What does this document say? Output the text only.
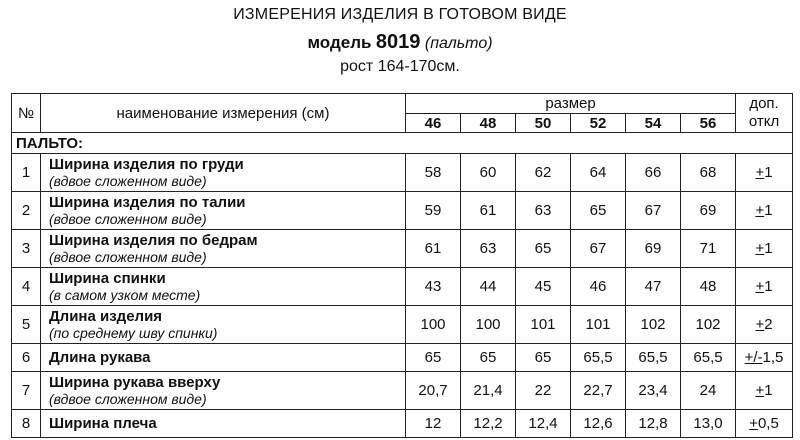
ИЗМЕРЕНИЯ ИЗДЕЛИЯ В ГОТОВОМ ВИДЕ
модель 8019 (пальто)
рост 164-170см.
№	наименование измерения (см)	размер						доп.
откл

		46	48	50	52	54	56	
ПАЛЬТО:								
1	Ширина изделия по груди
(вдвое сложенном виде)	58	60	62	64	66	68	+1
2	Ширина изделия по талии
(вдвое сложенном виде)	59	61	63	65	67	69	+1
3	Ширина изделия по бедрам
(вдвое сложенном виде)	61	63	65	67	69	71	+1
4	Ширина спинки
(в самом узком месте)	43	44	45	46	47	48	+1
5	Длина изделия
(по среднему шву спинки)	100	100	101	101	102	102	+2
6	Длина рукава	65	65	65	65,5	65,5	65,5	+/-1,5
7	Ширина рукава вверху
(вдвое сложенном виде)	20,7	21,4	22	22,7	23,4	24	+1
8	Ширина плеча	12	12,2	12,4	12,6	12,8	13,0	+0,5
